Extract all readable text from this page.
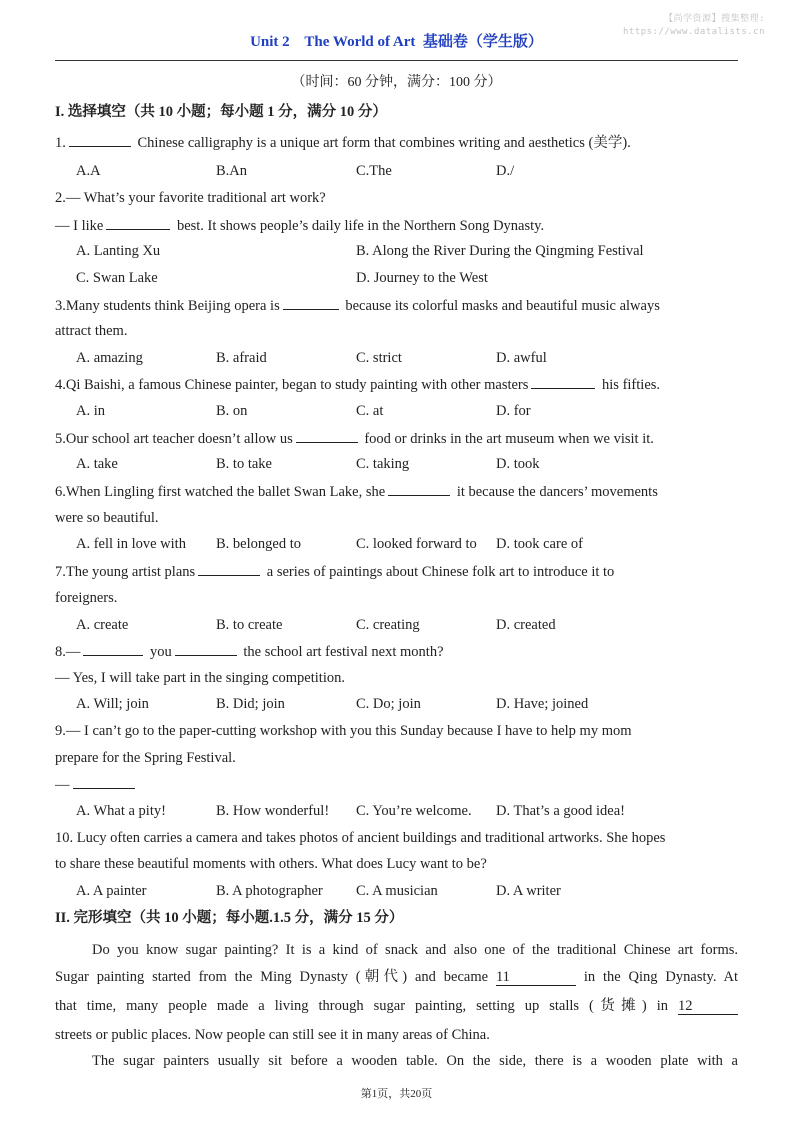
【尚学资源】搜集整理:
https://www.datalists.cn
Unit 2    The World of Art  基础卷（学生版）
（时间：60 分钟，满分：100 分）
I. 选择填空（共 10 小题；每小题 1 分，满分 10 分）
1.	Chinese calligraphy is a unique art form that combines writing and aesthetics (美学).
A.A	B.An	C.The	D./
2.— What’s your favorite traditional art work?
— I like	best. It shows people’s daily life in the Northern Song Dynasty.
A. Lanting Xu	B. Along the River During the Qingming Festival
C. Swan Lake	D. Journey to the West
3.Many students think Beijing opera is	because its colorful masks and beautiful music always
attract them.
A. amazing	B. afraid	C. strict	D. awful
4.Qi Baishi, a famous Chinese painter, began to study painting with other masters	his fifties.
A. in	B. on	C. at	D. for
5.Our school art teacher doesn’t allow us	food or drinks in the art museum when we visit it.
A. take	B. to take	C. taking	D. took
6.When Lingling first watched the ballet Swan Lake, she	it because the dancers’ movements
were so beautiful.
A. fell in love with B. belonged to	C. looked forward to D. took care of
7.The young artist plans	a series of paintings about Chinese folk art to introduce it to
foreigners.
A. create	B. to create	C. creating	D. created
8.—	you	the school art festival next month?
— Yes, I will take part in the singing competition.
A. Will; join	B. Did; join	C. Do; join	D. Have; joined
9.— I can’t go to the paper-cutting workshop with you this Sunday because I have to help my mom
prepare for the Spring Festival.
—
A. What a pity!	B. How wonderful! C. You’re welcome. D. That’s a good idea!
10. Lucy often carries a camera and takes photos of ancient buildings and traditional artworks. She hopes
to share these beautiful moments with others. What does Lucy want to be?
A. A painter	B. A photographer C. A musician	D. A writer
II. 完形填空（共 10 小题；每小题.1.5 分，满分 15 分）
Do you know sugar painting? It is a kind of snack and also one of the traditional Chinese art forms.
Sugar painting started from the Ming Dynasty (朝代) and became 11	in the Qing Dynasty. At
that time, many people made a living through sugar painting, setting up stalls (货摊) in 12
streets or public places. Now people can still see it in many areas of China.
The sugar painters usually sit before a wooden table. On the side, there is a wooden plate with a
第1页，共20页
